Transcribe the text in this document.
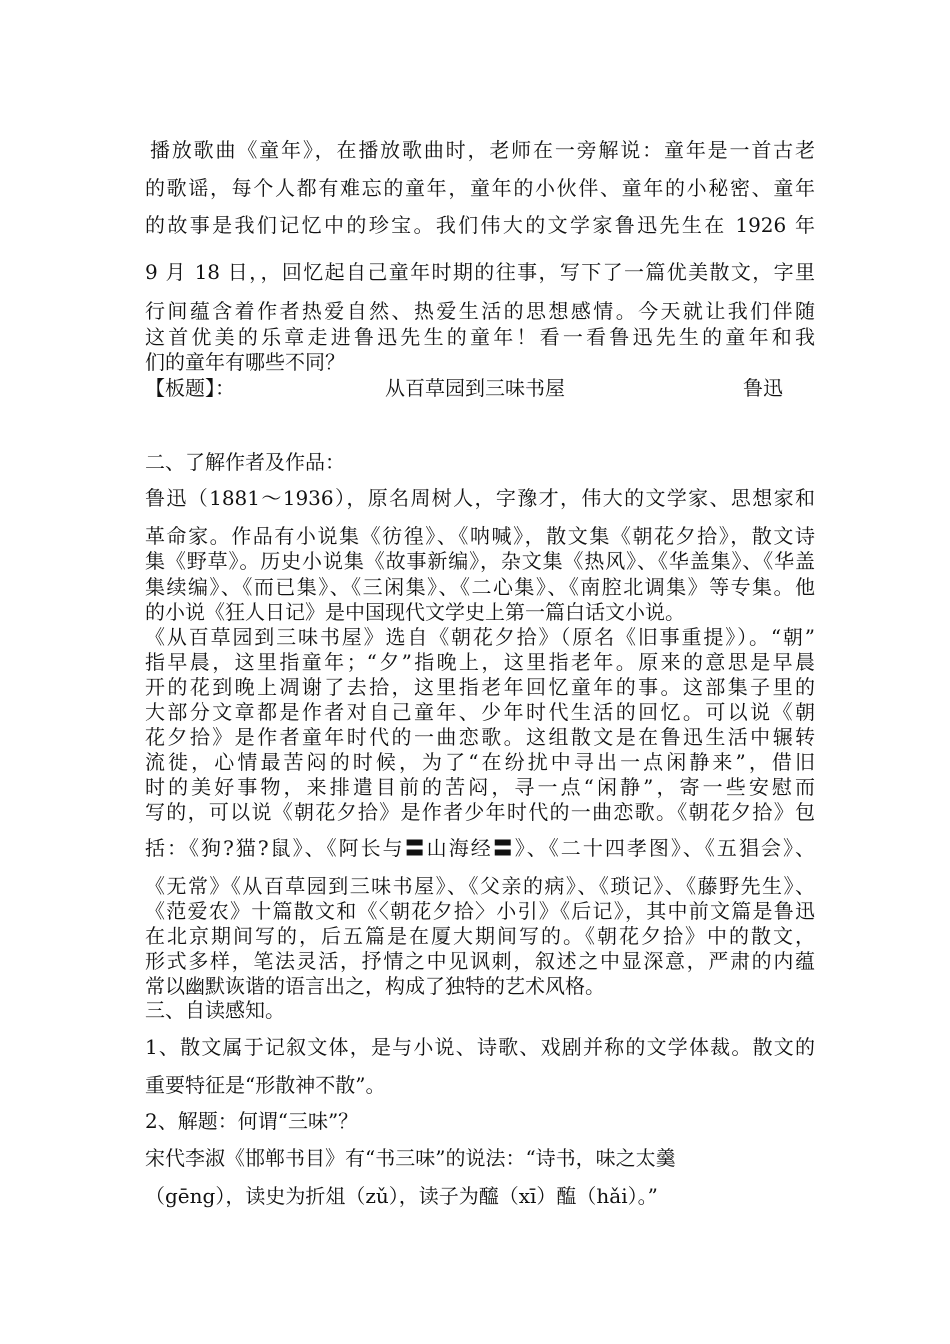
播放歌曲《童年》，在播放歌曲时，老师在一旁解说：童年是一首古老
的歌谣，每个人都有难忘的童年，童年的小伙伴、童年的小秘密、童年
的故事是我们记忆中的珍宝。我们伟大的文学家鲁迅先生在 1926 年
9 月 18 日，，回忆起自己童年时期的往事，写下了一篇优美散文，字里
行间蕴含着作者热爱自然、热爱生活的思想感情。今天就让我们伴随
这首优美的乐章走进鲁迅先生的童年！看一看鲁迅先生的童年和我
们的童年有哪些不同？
【板题】：	从百草园到三味书屋	鲁迅
二、了解作者及作品：
鲁迅（1881～1936），原名周树人，字豫才，伟大的文学家、思想家和
革命家。作品有小说集《彷徨》、《呐喊》，散文集《朝花夕拾》，散文诗
集《野草》。历史小说集《故事新编》，杂文集《热风》、《华盖集》、《华盖
集续编》、《而已集》、《三闲集》、《二心集》、《南腔北调集》等专集。他
的小说《狂人日记》是中国现代文学史上第一篇白话文小说。
《从百草园到三味书屋》选自《朝花夕拾》（原名《旧事重提》）。“朝”
指早晨，这里指童年；“夕”指晚上，这里指老年。原来的意思是早晨
开的花到晚上凋谢了去拾，这里指老年回忆童年的事。这部集子里的
大部分文章都是作者对自己童年、少年时代生活的回忆。可以说《朝
花夕拾》是作者童年时代的一曲恋歌。这组散文是在鲁迅生活中辗转
流徙，心情最苦闷的时候，为了“在纷扰中寻出一点闲静来”，借旧
时的美好事物，来排遣目前的苦闷，寻一点“闲静”，寄一些安慰而
写的，可以说《朝花夕拾》是作者少年时代的一曲恋歌。《朝花夕拾》包
括：《狗?猫?鼠》、《阿长与〓山海经〓》、《二十四孝图》、《五猖会》、
《无常》《从百草园到三味书屋》、《父亲的病》、《琐记》、《藤野先生》、
《范爱农》十篇散文和《〈朝花夕拾〉小引》《后记》，其中前文篇是鲁迅
在北京期间写的，后五篇是在厦大期间写的。《朝花夕拾》中的散文，
形式多样，笔法灵活，抒情之中见讽刺，叙述之中显深意，严肃的内蕴
常以幽默诙谐的语言出之，构成了独特的艺术风格。
三、自读感知。
1、散文属于记叙文体，是与小说、诗歌、戏剧并称的文学体裁。散文的
重要特征是“形散神不散”。
2、解题：何谓“三味”？
宋代李淑《邯郸书目》有“书三味”的说法：“诗书，味之太羹
（gēng），读史为折俎（zǔ），读子为醯（xī）醢（hǎi）。”
